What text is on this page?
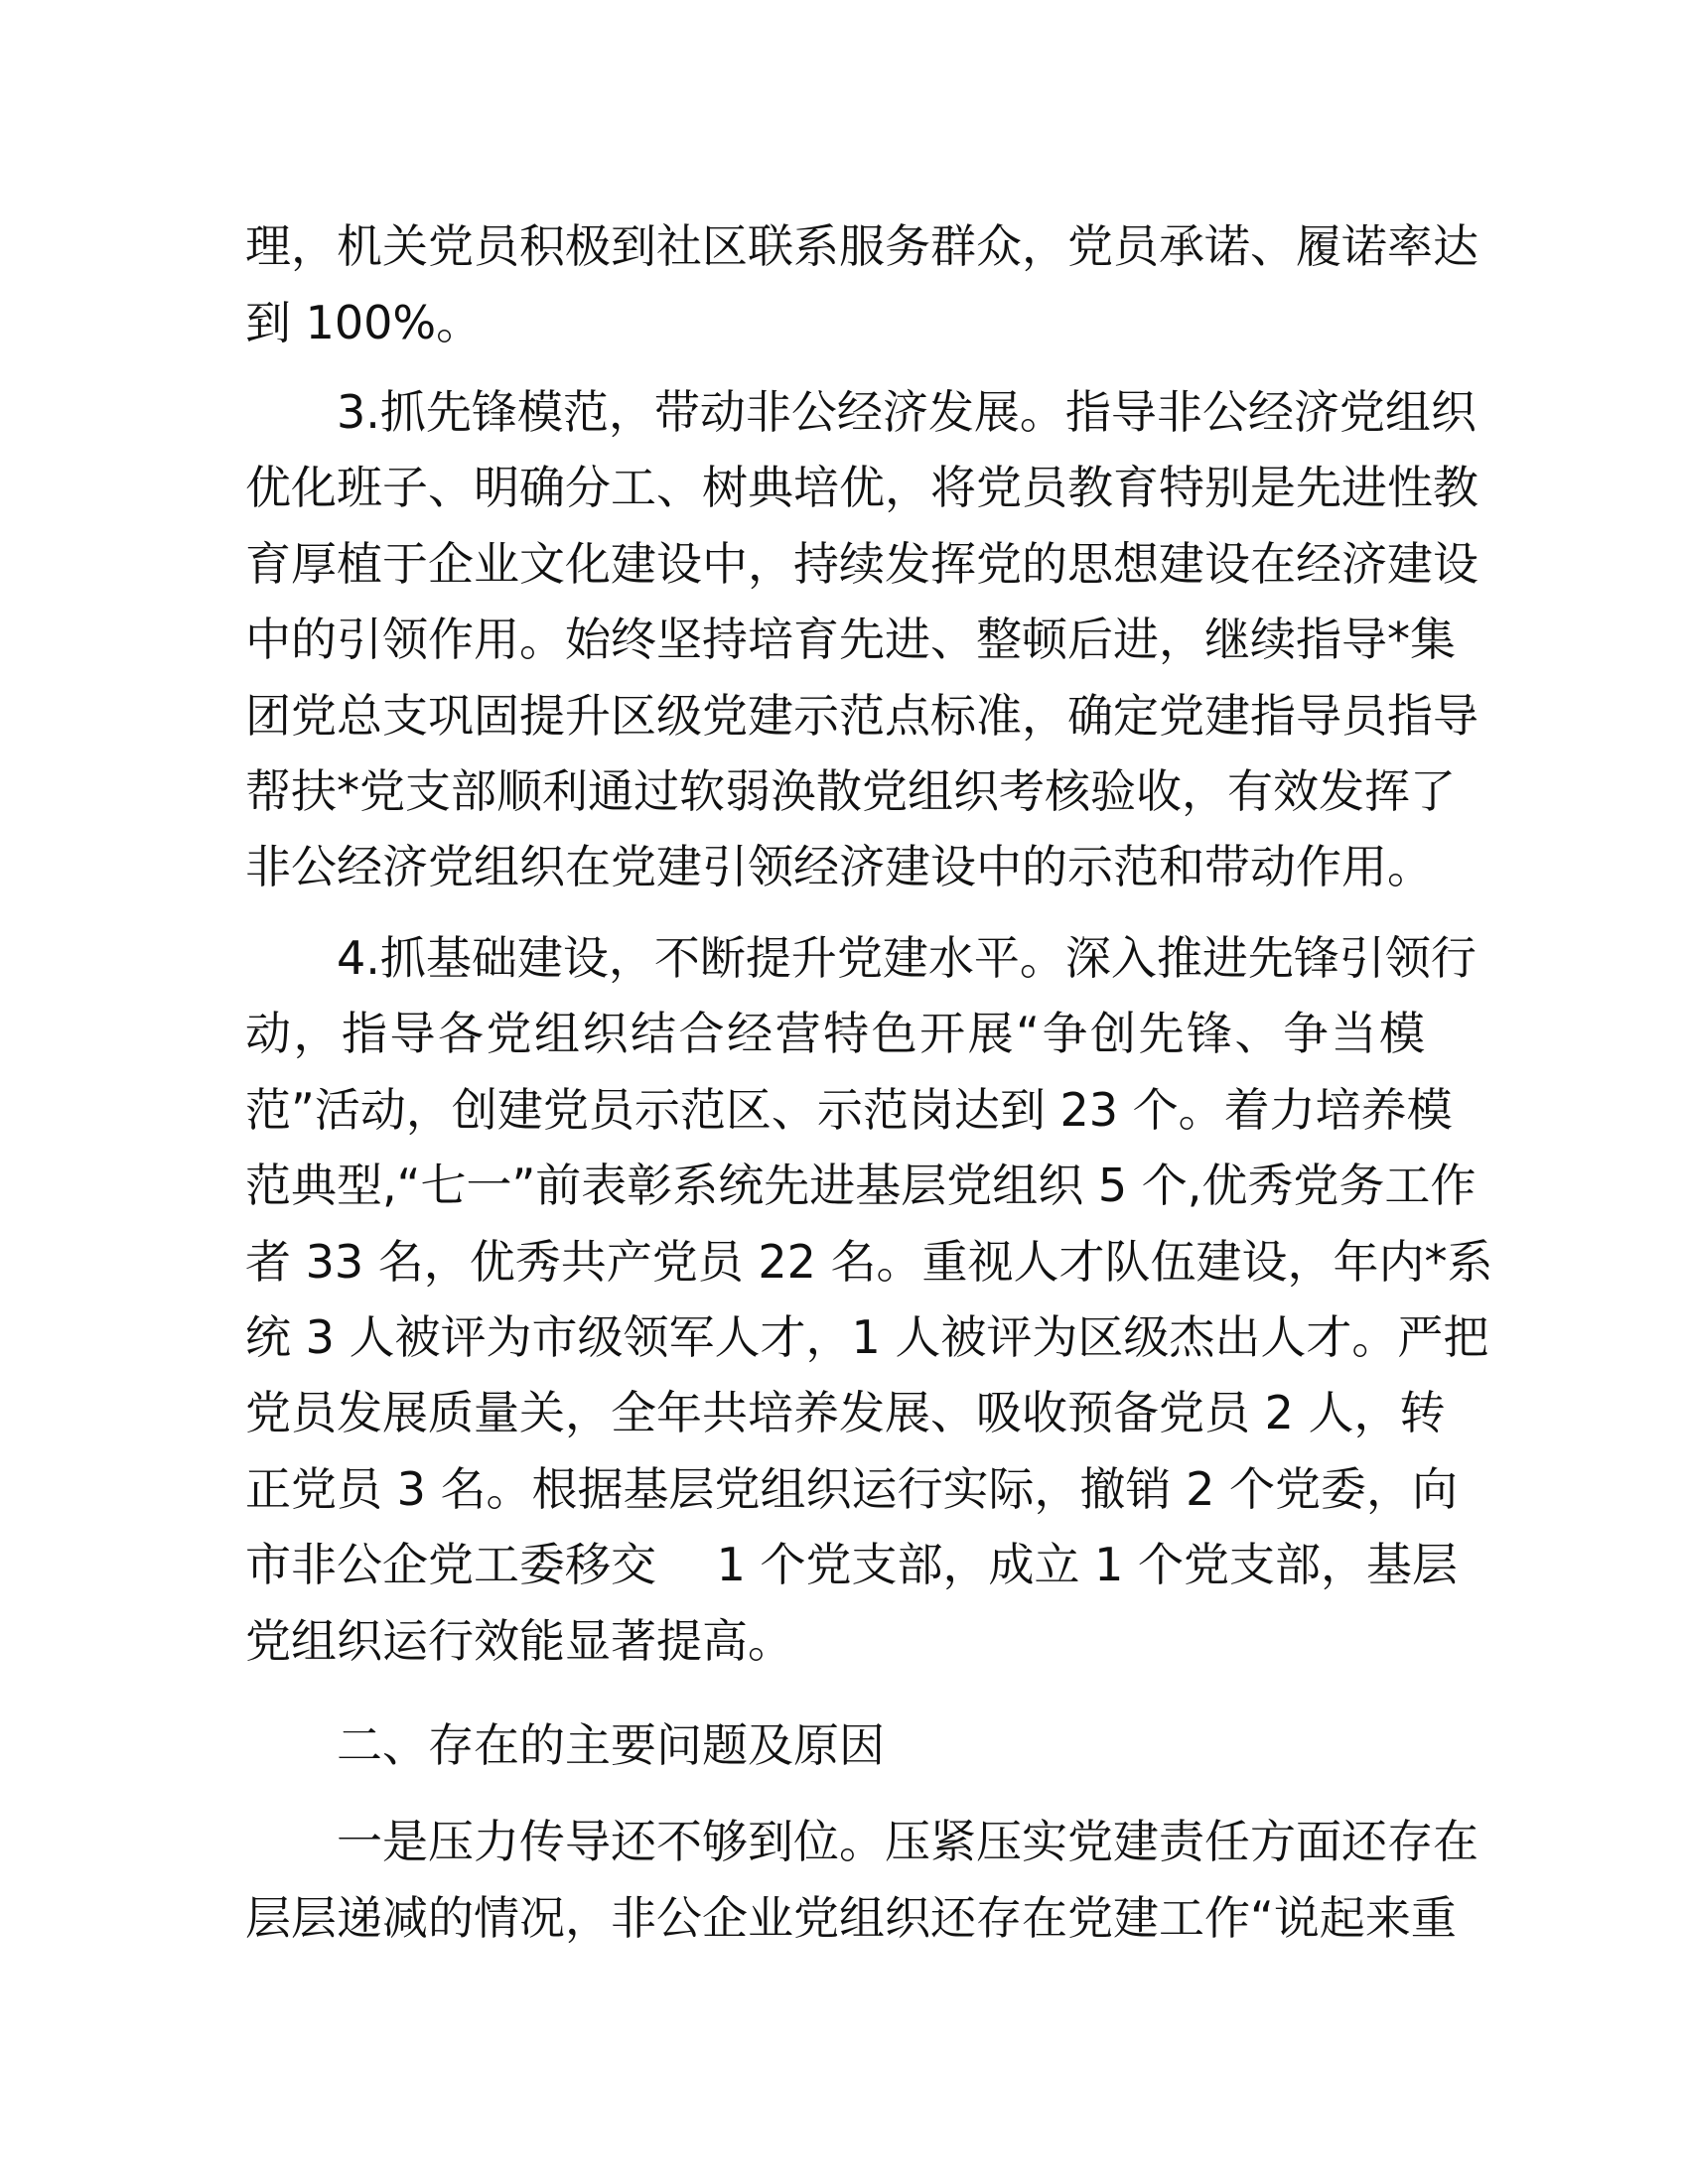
理，机关党员积极到社区联系服务群众，党员承诺、履诺率达
到 100%。
3.抓先锋模范，带动非公经济发展。指导非公经济党组织
优化班子、明确分工、树典培优，将党员教育特别是先进性教
育厚植于企业文化建设中，持续发挥党的思想建设在经济建设
中的引领作用。始终坚持培育先进、整顿后进，继续指导*集
团党总支巩固提升区级党建示范点标准，确定党建指导员指导
帮扶*党支部顺利通过软弱涣散党组织考核验收，有效发挥了
非公经济党组织在党建引领经济建设中的示范和带动作用。
4.抓基础建设，不断提升党建水平。深入推进先锋引领行
动，指导各党组织结合经营特色开展“争创先锋、争当模
范”活动，创建党员示范区、示范岗达到 23 个。着力培养模
范典型,“七一”前表彰系统先进基层党组织 5 个,优秀党务工作
者 33 名，优秀共产党员 22 名。重视人才队伍建设，年内*系
统 3 人被评为市级领军人才，1 人被评为区级杰出人才。严把
党员发展质量关，全年共培养发展、吸收预备党员 2 人，转
正党员 3 名。根据基层党组织运行实际，撤销 2 个党委，向
市非公企党工委移交　 1 个党支部，成立 1 个党支部，基层
党组织运行效能显著提高。
二、存在的主要问题及原因
一是压力传导还不够到位。压紧压实党建责任方面还存在
层层递减的情况，非公企业党组织还存在党建工作“说起来重
